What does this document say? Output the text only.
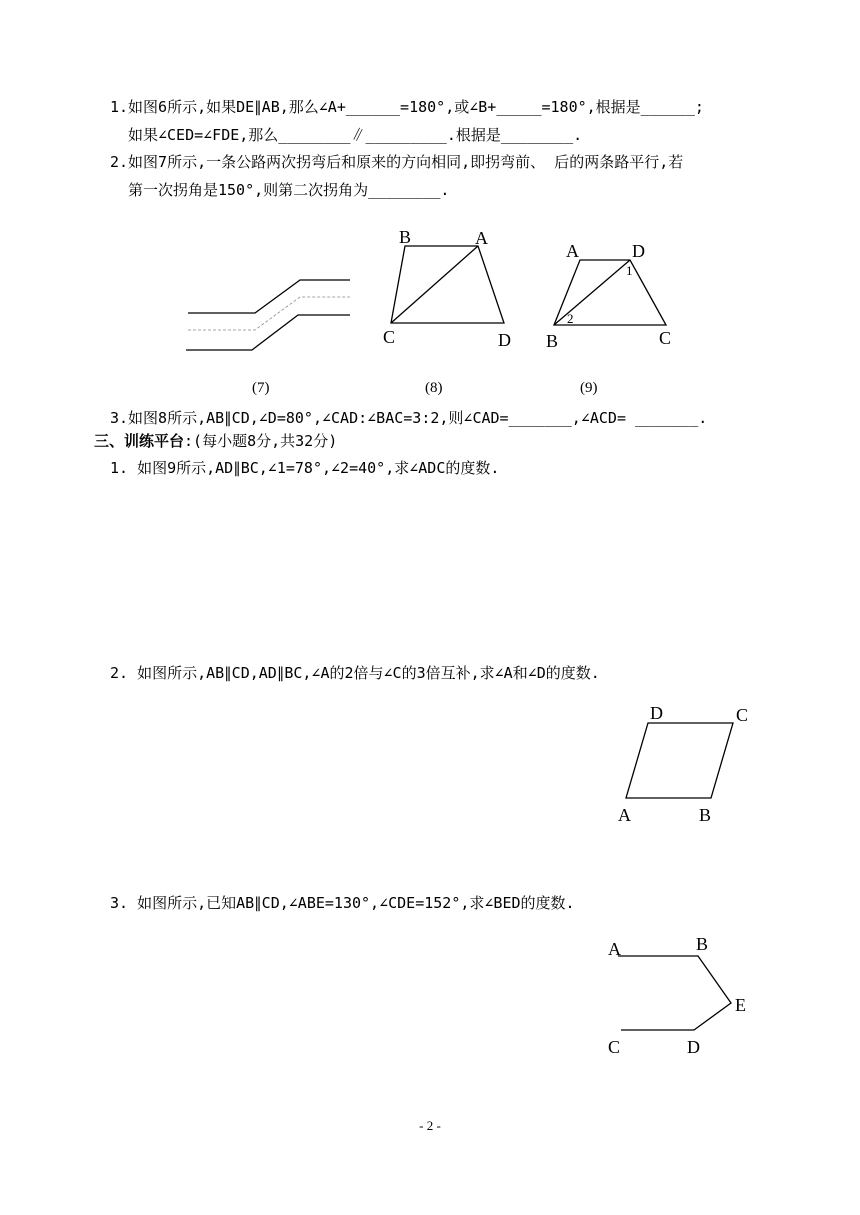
1.如图6所示,如果DE∥AB,那么∠A+______=180°,或∠B+_____=180°,根据是______;
如果∠CED=∠FDE,那么________∥_________.根据是________.
2.如图7所示,一条公路两次拐弯后和原来的方向相同,即拐弯前、 后的两条路平行,若
第一次拐角是150°,则第二次拐角为________.
B	A
C	D
A	D
B	C
1
2
D	C
A	B
A	B
E
C	D
(7)	(8)	(9)
3.如图8所示,AB∥CD,∠D=80°,∠CAD:∠BAC=3:2,则∠CAD=_______,∠ACD= _______.
三、训练平台:(每小题8分,共32分)
1. 如图9所示,AD∥BC,∠1=78°,∠2=40°,求∠ADC的度数.
2. 如图所示,AB∥CD,AD∥BC,∠A的2倍与∠C的3倍互补,求∠A和∠D的度数.
3. 如图所示,已知AB∥CD,∠ABE=130°,∠CDE=152°,求∠BED的度数.
- 2 -
